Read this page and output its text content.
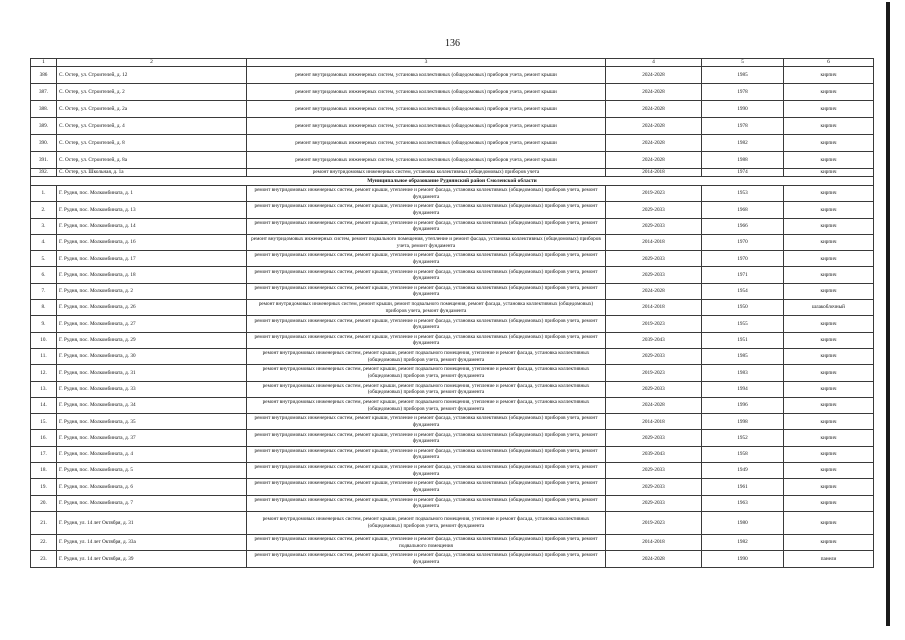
136
1	2	3	4	5	6
386	С. Остер, ул. Строителей, д. 12	ремонт внутридомовых инженерных систем, установка коллективных (общедомовых) приборов учета, ремонт крыши	2024-2028	1985	кирпич
387.	С. Остер, ул. Строителей, д. 2	ремонт внутридомовых инженерных систем, установка коллективных (общедомовых) приборов учета, ремонт крыши	2024-2028	1978	кирпич
388.	С. Остер, ул. Строителей, д. 2а	ремонт внутридомовых инженерных систем, установка коллективных (общедомовых) приборов учета, ремонт крыши	2024-2028	1990	кирпич
389.	С. Остер, ул. Строителей, д. 4	ремонт внутридомовых инженерных систем, установка коллективных (общедомовых) приборов учета, ремонт крыши	2024-2028	1978	кирпич
390.	С. Остер, ул. Строителей, д. 8	ремонт внутридомовых инженерных систем, установка коллективных (общедомовых) приборов учета, ремонт крыши	2024-2028	1982	кирпич
391.	С. Остер, ул. Строителей, д. 8а	ремонт внутридомовых инженерных систем, установка коллективных (общедомовых) приборов учета, ремонт крыши	2024-2028	1988	кирпич
392.	С. Остер, ул. Школьная, д. 1а	ремонт внутридомовых инженерных систем, установка коллективных (общедомовых) приборов учета	2014-2018	1974	кирпич
Муниципальное образование Руднянский район Смоленской области					
1.	Г. Рудня, пос. Молкомбината, д. 1	ремонт внутридомовых инженерных систем, ремонт крыши, утепление и ремонт фасада, установка коллективных (общедомовых) приборов учета, ремонт фундамента	2019-2023	1953	кирпич
2.	Г. Рудня, пос. Молкомбината, д. 13	ремонт внутридомовых инженерных систем, ремонт крыши, утепление и ремонт фасада, установка коллективных (общедомовых) приборов учета, ремонт фундамента	2029-2033	1968	кирпич
3.	Г. Рудня, пос. Молкомбината, д. 14	ремонт внутридомовых инженерных систем, ремонт крыши, утепление и ремонт фасада, установка коллективных (общедомовых) приборов учета, ремонт фундамента	2029-2033	1966	кирпич
4.	Г. Рудня, пос. Молкомбината, д. 16	ремонт внутридомовых инженерных систем, ремонт подвального помещения, утепление и ремонт фасада, установка коллективных (общедомовых) приборов учета, ремонт фундамента	2014-2018	1970	кирпич
5.	Г. Рудня, пос. Молкомбината, д. 17	ремонт внутридомовых инженерных систем, ремонт крыши, утепление и ремонт фасада, установка коллективных (общедомовых) приборов учета, ремонт фундамента	2029-2033	1970	кирпич
6.	Г. Рудня, пос. Молкомбината, д. 18	ремонт внутридомовых инженерных систем, ремонт крыши, утепление и ремонт фасада, установка коллективных (общедомовых) приборов учета, ремонт фундамента	2029-2033	1971	кирпич
7.	Г. Рудня, пос. Молкомбината, д. 2	ремонт внутридомовых инженерных систем, ремонт крыши, утепление и ремонт фасада, установка коллективных (общедомовых) приборов учета, ремонт фундамента	2024-2028	1954	кирпич
8.	Г. Рудня, пос. Молкомбината, д. 26	ремонт внутридомовых инженерных систем, ремонт крыши, ремонт подвального помещения, ремонт фасада, установка коллективных (общедомовых) приборов учета, ремонт фундамента	2014-2018	1950	шлакоблочный
9.	Г. Рудня, пос. Молкомбината, д. 27	ремонт внутридомовых инженерных систем, ремонт крыши, утепление и ремонт фасада, установка коллективных (общедомовых) приборов учета, ремонт фундамента	2019-2023	1955	кирпич
10.	Г. Рудня, пос. Молкомбината, д. 29	ремонт внутридомовых инженерных систем, ремонт крыши, утепление и ремонт фасада, установка коллективных (общедомовых) приборов учета, ремонт фундамента	2039-2043	1951	кирпич
11.	Г. Рудня, пос. Молкомбината, д. 30	ремонт внутридомовых инженерных систем, ремонт крыши, ремонт подвального помещения, утепление и ремонт фасада, установка коллективных (общедомовых) приборов учета, ремонт фундамента	2029-2033	1985	кирпич
12.	Г. Рудня, пос. Молкомбината, д. 31	ремонт внутридомовых инженерных систем, ремонт крыши, ремонт подвального помещения, утепление и ремонт фасада, установка коллективных (общедомовых) приборов учета, ремонт фундамента	2019-2023	1983	кирпич
13.	Г. Рудня, пос. Молкомбината, д. 33	ремонт внутридомовых инженерных систем, ремонт крыши, ремонт подвального помещения, утепление и ремонт фасада, установка коллективных (общедомовых) приборов учета, ремонт фундамента	2029-2033	1994	кирпич
14.	Г. Рудня, пос. Молкомбината, д. 34	ремонт внутридомовых инженерных систем, ремонт крыши, ремонт подвального помещения, утепление и ремонт фасада, установка коллективных (общедомовых) приборов учета, ремонт фундамента	2024-2028	1996	кирпич
15.	Г. Рудня, пос. Молкомбината, д. 35	ремонт внутридомовых инженерных систем, ремонт крыши, утепление и ремонт фасада, установка коллективных (общедомовых) приборов учета, ремонт фундамента	2014-2018	1998	кирпич
16.	Г. Рудня, пос. Молкомбината, д. 37	ремонт внутридомовых инженерных систем, ремонт крыши, утепление и ремонт фасада, установка коллективных (общедомовых) приборов учета, ремонт фундамента	2029-2033	1952	кирпич
17.	Г. Рудня, пос. Молкомбината, д. 4	ремонт внутридомовых инженерных систем, ремонт крыши, утепление и ремонт фасада, установка коллективных (общедомовых) приборов учета, ремонт фундамента	2039-2043	1958	кирпич
18.	Г. Рудня, пос. Молкомбината, д. 5	ремонт внутридомовых инженерных систем, ремонт крыши, утепление и ремонт фасада, установка коллективных (общедомовых) приборов учета, ремонт фундамента	2029-2033	1949	кирпич
19.	Г. Рудня, пос. Молкомбината, д. 6	ремонт внутридомовых инженерных систем, ремонт крыши, утепление и ремонт фасада, установка коллективных (общедомовых) приборов учета, ремонт фундамента	2029-2033	1961	кирпич
20.	Г. Рудня, пос. Молкомбината, д. 7	ремонт внутридомовых инженерных систем, ремонт крыши, утепление и ремонт фасада, установка коллективных (общедомовых) приборов учета, ремонт фундамента	2029-2033	1963	кирпич
21.	Г. Рудня, ул. 14 лет Октября, д. 31	ремонт внутридомовых инженерных систем, ремонт крыши, ремонт подвального помещения, утепление и ремонт фасада, установка коллективных (общедомовых) приборов учета, ремонт фундамента	2019-2023	1980	кирпич
22.	Г. Рудня, ул. 14 лет Октября, д. 33а	ремонт внутридомовых инженерных систем, ремонт крыши, утепление и ремонт фасада, установка коллективных (общедомовых) приборов учета, ремонт подвального помещения	2014-2018	1982	кирпич
23.	Г. Рудня, ул. 14 лет Октября, д. 39	ремонт внутридомовых инженерных систем, ремонт крыши, утепление и ремонт фасада, установка коллективных (общедомовых) приборов учета, ремонт фундамента	2024-2028	1990	панели
